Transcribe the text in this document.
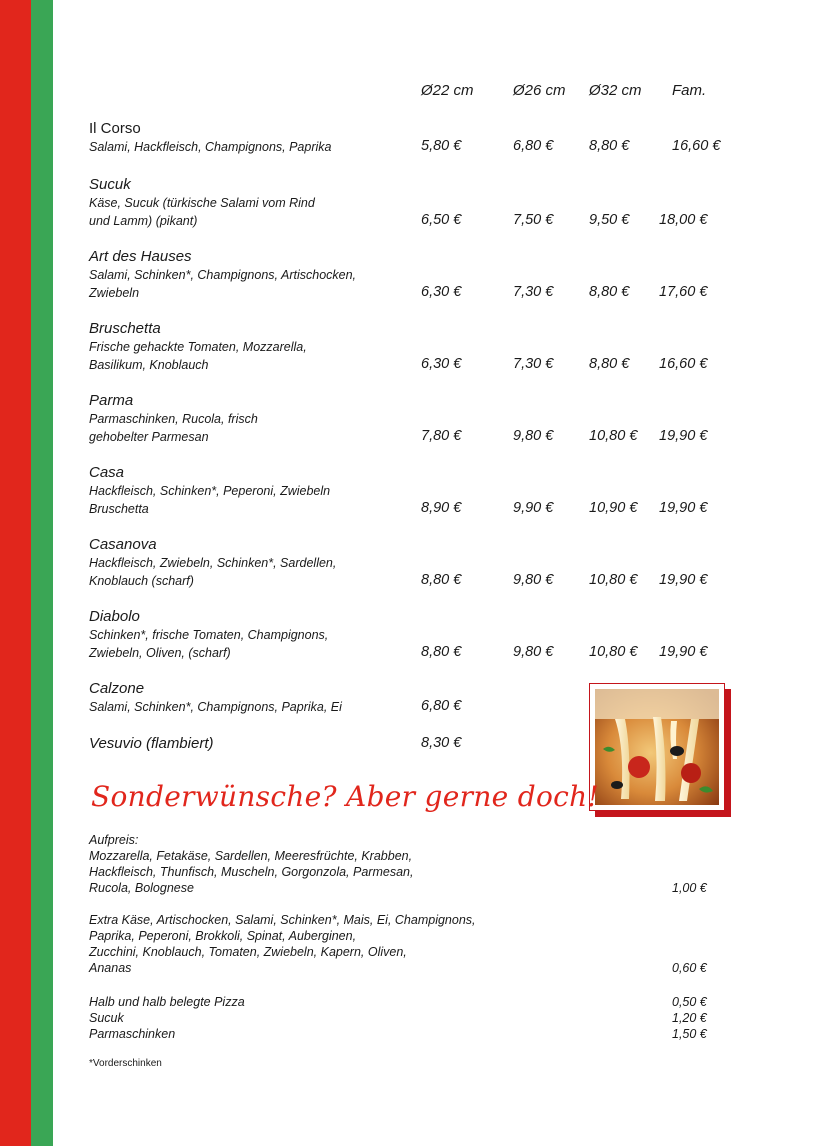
Ø22 cm	Ø26 cm Ø32 cm Fam.
Il Corso
Salami, Hackfleisch, Champignons, Paprika	5,80 €	6,80 € 8,80 €	16,60 €
Sucuk
Käse, Sucuk (türkische Salami vom Rind
und Lamm) (pikant)	6,50 €	7,50 € 9,50 € 18,00 €
Art des Hauses
Salami, Schinken*, Champignons, Artischocken,
Zwiebeln	6,30 €	7,30 € 8,80 € 17,60 €
Bruschetta
Frische gehackte Tomaten, Mozzarella,
Basilikum, Knoblauch	6,30 €	7,30 € 8,80 € 16,60 €
Parma
Parmaschinken, Rucola, frisch
gehobelter Parmesan	7,80 €	9,80 € 10,80 € 19,90 €
Casa
Hackfleisch, Schinken*, Peperoni, Zwiebeln
Bruschetta	8,90 €	9,90 € 10,90 € 19,90 €
Casanova
Hackfleisch, Zwiebeln, Schinken*, Sardellen,
Knoblauch (scharf)	8,80 €	9,80 € 10,80 € 19,90 €
Diabolo
Schinken*, frische Tomaten, Champignons,
Zwiebeln, Oliven, (scharf)	8,80 €	9,80 € 10,80 € 19,90 €
Calzone
Salami, Schinken*, Champignons, Paprika, Ei	6,80 €
Vesuvio (flambiert)	8,30 €
Sonderwünsche? Aber gerne doch!
Aufpreis:
Mozzarella, Fetakäse, Sardellen, Meeresfrüchte, Krabben,
Hackfleisch, Thunfisch, Muscheln, Gorgonzola, Parmesan,
Rucola, Bolognese	1,00 €
Extra Käse, Artischocken, Salami, Schinken*, Mais, Ei, Champignons,
Paprika, Peperoni, Brokkoli, Spinat, Auberginen,
Zucchini, Knoblauch, Tomaten, Zwiebeln, Kapern, Oliven,
Ananas	0,60 €
Halb und halb belegte Pizza	0,50 €
Sucuk	1,20 €
Parmaschinken	1,50 €
*Vorderschinken
